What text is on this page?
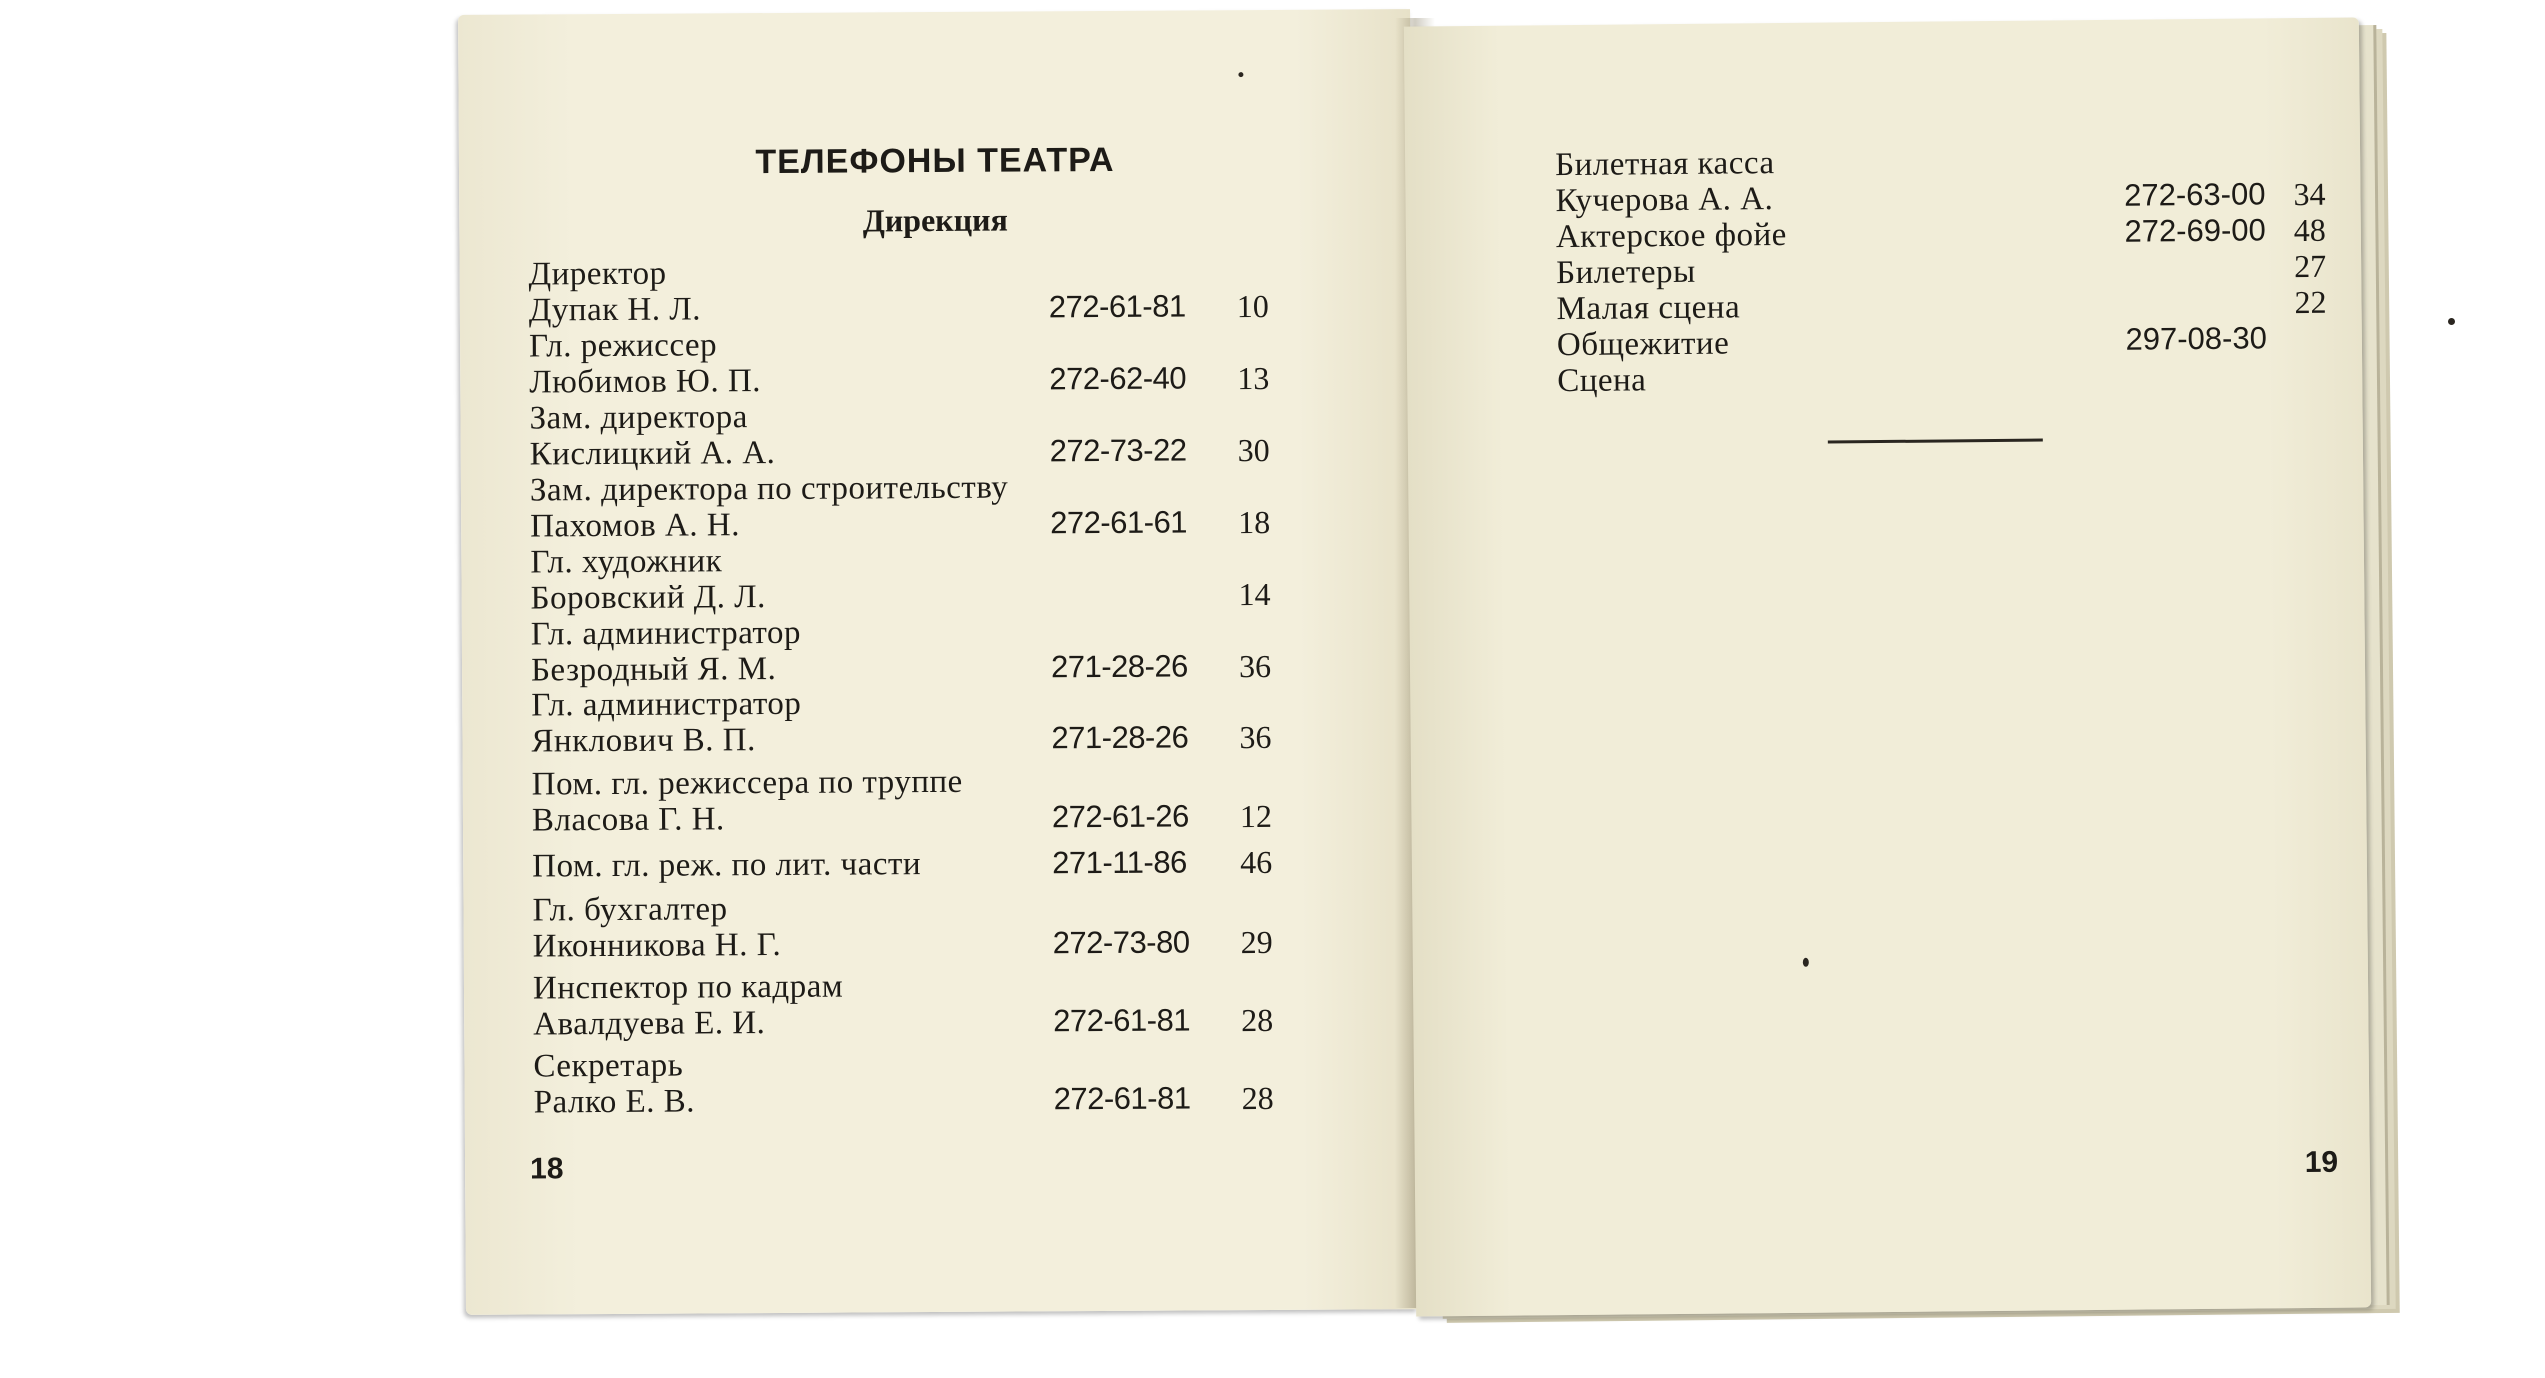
ТЕЛЕФОНЫ ТЕАТРА
Дирекция
Директор
Дупак Н. Л.	272-61-81 10
Гл. режиссер
Любимов Ю. П.	272-62-40 13
Зам. директора
Кислицкий А. А.	272-73-22 30
Зам. директора по строительству
Пахомов А. Н.	272-61-61 18
Гл. художник
Боровский Д. Л.	14
Гл. администратор
Безродный Я. М.	271-28-26 36
Гл. администратор
Янклович В. П.	271-28-26 36
Пом. гл. режиссера по труппе
Власова Г. Н.	272-61-26 12
Пом. гл. реж. по лит. части	271-11-86 46
Гл. бухгалтер
Иконникова Н. Г.	272-73-80 29
Инспектор по кадрам
Авалдуева Е. И.	272-61-81 28
Секретарь
Ралко Е. В.	272-61-81 28
18
Билетная касса
Кучерова А. А.	272-63-00 34
Актерское фойе	272-69-00 48
Билетеры	27
Малая сцена	22
Общежитие	297-08-30
Сцена
19
